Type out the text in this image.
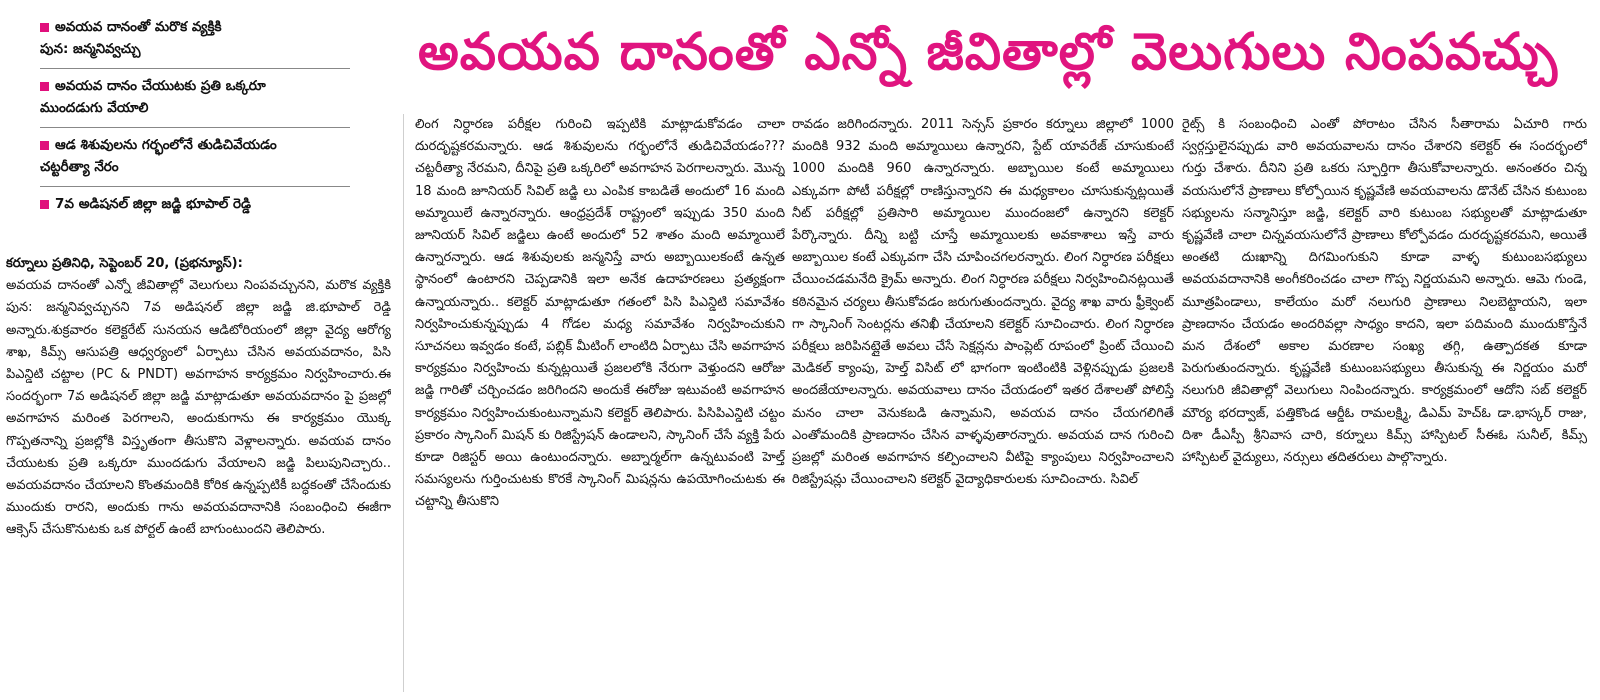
అవయవ దానంతో మరొక వ్యక్తికి
పున: జన్మనివ్వచ్చు
అవయవ దానం చేయుటకు ప్రతి ఒక్కరూ
ముందడుగు వేయాలి
ఆడ శిశువులను గర్భంలోనే తుడిచివేయడం
చట్టరీత్యా నేరం
7వ అడిషనల్ జిల్లా జడ్జి భూపాల్ రెడ్డి
అవయవ దానంతో ఎన్నో జీవితాల్లో వెలుగులు నింపవచ్చు
కర్నూలు ప్రతినిధి, సెప్టెంబర్ 20, (ప్రభన్యూస్):
అవయవ దానంతో ఎన్నో జీవితాల్లో వెలుగులు నింపవచ్చునని, మరొక వ్యక్తికి పున: జన్మనివ్వచ్చునని 7వ అడిషనల్ జిల్లా జడ్జి జి.భూపాల్ రెడ్డి అన్నారు.శుక్రవారం కలెక్టరేట్ సునయన ఆడిటోరియంలో జిల్లా వైద్య ఆరోగ్య శాఖ, కిమ్స్ ఆసుపత్రి ఆధ్వర్యంలో ఏర్పాటు చేసిన అవయవదానం, పిసి పిఎన్డిటి చట్టాల (PC & PNDT) అవగాహన కార్యక్రమం నిర్వహించారు.ఈ సందర్భంగా 7వ అడిషనల్ జిల్లా జడ్జి మాట్లాడుతూ అవయవదానం పై ప్రజల్లో అవగాహన మరింత పెరగాలని, అందుకుగాను ఈ కార్యక్రమం యొక్క గొప్పతనాన్ని ప్రజల్లోకి విస్తృతంగా తీసుకొని వెళ్లాలన్నారు. అవయవ దానం చేయుటకు ప్రతి ఒక్కరూ ముందడుగు వేయాలని జడ్జి పిలుపునిచ్చారు.. అవయవదానం చేయాలని కొంతమందికి కోరిక ఉన్నప్పటికీ బద్ధకంతో చేసేందుకు ముందుకు రారని, అందుకు గాను అవయవదానానికి సంబంధించి ఈజీగా ఆక్సెస్ చేసుకొనుటకు ఒక పోర్టల్ ఉంటే బాగుంటుందని తెలిపారు.
లింగ నిర్ధారణ పరీక్షల గురించి ఇప్పటికి మాట్లాడుకోవడం చాలా దురదృష్టకరమన్నారు. ఆడ శిశువులను గర్భంలోనే తుడిచివేయడం???చట్టరీత్యా నేరమని, దీనిపై ప్రతి ఒక్కరిలో అవగాహన పెరగాలన్నారు. మొన్న 18 మంది జూనియర్ సివిల్ జడ్జి లు ఎంపిక కాబడితే అందులో 16 మంది అమ్మాయిలే ఉన్నారన్నారు. ఆంధ్రప్రదేశ్ రాష్ట్రంలో ఇప్పుడు 350 మంది జూనియర్ సివిల్ జడ్జిలు ఉంటే అందులో 52 శాతం మంది అమ్మాయిలే ఉన్నారన్నారు. ఆడ శిశువులకు జన్మనిస్తే వారు అబ్బాయిలకంటే ఉన్నత స్థానంలో ఉంటారని చెప్పడానికి ఇలా అనేక ఉదాహరణలు ప్రత్యక్షంగా ఉన్నాయన్నారు.. కలెక్టర్ మాట్లాడుతూ గతంలో పిసి పిఎన్డిటి సమావేశం నిర్వహించుకున్నప్పుడు 4 గోడల మధ్య సమావేశం నిర్వహించుకుని సూచనలు ఇవ్వడం కంటే, పబ్లిక్ మీటింగ్ లాంటిది ఏర్పాటు చేసి అవగాహన కార్యక్రమం నిర్వహించు కున్నట్లయితే ప్రజలలోకి నేరుగా వెళ్తుందని ఆరోజు జడ్జి గారితో చర్చించడం జరిగిందని అందుకే ఈరోజు ఇటువంటి అవగాహన కార్యక్రమం నిర్వహించుకుంటున్నామని కలెక్టర్ తెలిపారు. పిసిపిఎన్డిటి చట్టం ప్రకారం స్కానింగ్ మిషన్ కు రిజిస్ట్రేషన్ ఉండాలని, స్కానింగ్ చేసే వ్యక్తి పేరు కూడా రిజిస్టర్ అయి ఉంటుందన్నారు. అబ్నార్మల్‌గా ఉన్నటువంటి హెల్త్ సమస్యలను గుర్తించుటకు కొరకే స్కానింగ్ మిషన్లను ఉపయోగించుటకు ఈ చట్టాన్ని తీసుకొని
రావడం జరిగిందన్నారు. 2011 సెన్సస్ ప్రకారం కర్నూలు జిల్లాలో 1000 మందికి 932 మంది అమ్మాయిలు ఉన్నారని, స్టేట్ యావరేజ్ చూసుకుంటే 1000 మందికి 960 ఉన్నారన్నారు. అబ్బాయిల కంటే అమ్మాయిలు ఎక్కువగా పోటీ పరీక్షల్లో రాణిస్తున్నారని ఈ మధ్యకాలం చూసుకున్నట్లయితే నీట్ పరీక్షల్లో ప్రతిసారి అమ్మాయిల ముందంజలో ఉన్నారని కలెక్టర్ పేర్కొన్నారు. దీన్ని బట్టి చూస్తే అమ్మాయిలకు అవకాశాలు ఇస్తే వారు అబ్బాయిల కంటే ఎక్కువగా చేసి చూపించగలరన్నారు. లింగ నిర్ధారణ పరీక్షలు చేయించడమనేది క్రైమ్ అన్నారు. లింగ నిర్ధారణ పరీక్షలు నిర్వహించినట్లయితే కఠినమైన చర్యలు తీసుకోవడం జరుగుతుందన్నారు. వైద్య శాఖ వారు ఫ్రీక్వెంట్ గా స్కానింగ్ సెంటర్లను తనిఖీ చేయాలని కలెక్టర్ సూచించారు. లింగ నిర్ధారణ పరీక్షలు జరిపినట్లైతే అవలు చేసే సెక్షన్లను పాంప్లెట్ రూపంలో ప్రింట్ చేయించి మెడికల్ క్యాంపు, హెల్త్ విసిట్ లో భాగంగా ఇంటింటికి వెళ్లినప్పుడు ప్రజలకి అందజేయాలన్నారు. అవయవాలు దానం చేయడంలో ఇతర దేశాలతో పోలిస్తే మనం చాలా వెనుకబడి ఉన్నామని, అవయవ దానం చేయగలిగితే ఎంతోమందికి ప్రాణదానం చేసిన వాళ్ళవుతారన్నారు. అవయవ దాన గురించి ప్రజల్లో మరింత అవగాహన కల్పించాలని వీటిపై క్యాంపులు నిర్వహించాలని రిజిస్ట్రేషన్లు చేయించాలని కలెక్టర్ వైద్యాధికారులకు సూచించారు. సివిల్
రైట్స్ కి సంబంధించి ఎంతో పోరాటం చేసిన సీతారామ ఏచూరి గారు స్వర్గస్తులైనప్పుడు వారి అవయవాలను దానం చేశారని కలెక్టర్ ఈ సందర్భంలో గుర్తు చేశారు. దీనిని ప్రతి ఒకరు స్ఫూర్తిగా తీసుకోవాలన్నారు. అనంతరం చిన్న వయసులోనే ప్రాణాలు కోల్పోయిన కృష్ణవేణి అవయవాలను డొనేట్ చేసిన కుటుంబ సభ్యులను సన్మానిస్తూ జడ్జి, కలెక్టర్ వారి కుటుంబ సభ్యులతో మాట్లాడుతూ కృష్ణవేణి చాలా చిన్నవయసులోనే ప్రాణాలు కోల్పోవడం దురదృష్టకరమని, అయితే అంతటి దుఃఖాన్ని దిగమింగుకుని కూడా వాళ్ళ కుటుంబసభ్యులు అవయవదానానికి అంగీకరించడం చాలా గొప్ప నిర్ణయమని అన్నారు. ఆమె గుండె, మూత్రపిండాలు, కాలేయం మరో నలుగురి ప్రాణాలు నిలబెట్టాయని, ఇలా ప్రాణదానం చేయడం అందరివల్లా సాధ్యం కాదని, ఇలా పదిమంది ముందుకొస్తేనే మన దేశంలో అకాల మరణాల సంఖ్య తగ్గి, ఉత్పాదకత కూడా పెరుగుతుందన్నారు. కృష్ణవేణి కుటుంబసభ్యులు తీసుకున్న ఈ నిర్ణయం మరో నలుగురి జీవితాల్లో వెలుగులు నింపిందన్నారు. కార్యక్రమంలో ఆదోని సబ్ కలెక్టర్ మౌర్య భరద్వాజ్, పత్తికొండ ఆర్డీఓ రామలక్ష్మి, డిఎమ్ హెచ్ఓ డా.భాస్కర్ రాజు, దిశా డీఎస్పీ శ్రీనివాస చారి, కర్నూలు కిమ్స్ హాస్పిటల్ సీఈఓ సునీల్, కిమ్స్ హాస్పిటల్ వైద్యులు, నర్సులు తదితరులు పాల్గొన్నారు.
